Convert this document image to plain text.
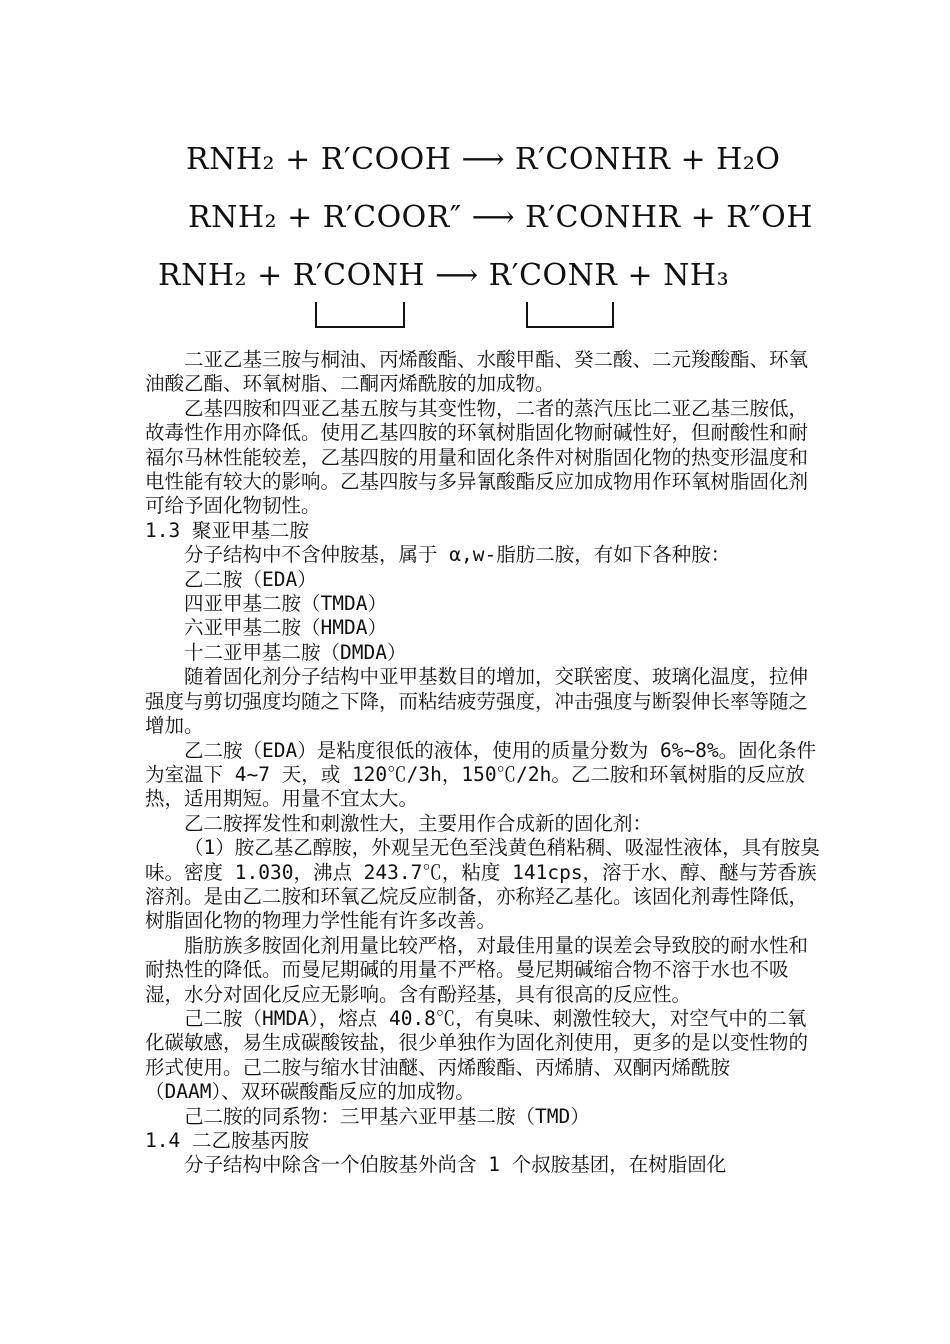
RNH₂ + R′COOH ⟶ R′CONHR + H₂O
RNH₂ + R′COOR″ ⟶ R′CONHR + R″OH
RNH₂ + R′CONH ⟶ R′CONR + NH₃

二亚乙基三胺与桐油、丙烯酸酯、水酸甲酯、癸二酸、二元羧酸酯、环氧油酸乙酯、环氧树脂、二酮丙烯酰胺的加成物。

乙基四胺和四亚乙基五胺与其变性物，二者的蒸汽压比二亚乙基三胺低，故毒性作用亦降低。使用乙基四胺的环氧树脂固化物耐碱性好，但耐酸性和耐福尔马林性能较差，乙基四胺的用量和固化条件对树脂固化物的热变形温度和电性能有较大的影响。乙基四胺与多异氰酸酯反应加成物用作环氧树脂固化剂可给予固化物韧性。

1.3 聚亚甲基二胺

分子结构中不含仲胺基，属于 α,w-脂肪二胺，有如下各种胺：

乙二胺（EDA）

四亚甲基二胺（TMDA）

六亚甲基二胺（HMDA）

十二亚甲基二胺（DMDA）

随着固化剂分子结构中亚甲基数目的增加，交联密度、玻璃化温度，拉伸强度与剪切强度均随之下降，而粘结疲劳强度，冲击强度与断裂伸长率等随之增加。

乙二胺（EDA）是粘度很低的液体，使用的质量分数为 6%~8%。固化条件为室温下 4~7 天，或 120℃/3h，150℃/2h。乙二胺和环氧树脂的反应放热，适用期短。用量不宜太大。

乙二胺挥发性和刺激性大，主要用作合成新的固化剂：

（1）胺乙基乙醇胺，外观呈无色至浅黄色稍粘稠、吸湿性液体，具有胺臭味。密度 1.030，沸点 243.7℃，粘度 141cps，溶于水、醇、醚与芳香族溶剂。是由乙二胺和环氧乙烷反应制备，亦称羟乙基化。该固化剂毒性降低，树脂固化物的物理力学性能有许多改善。

脂肪族多胺固化剂用量比较严格，对最佳用量的误差会导致胶的耐水性和耐热性的降低。而曼尼期碱的用量不严格。曼尼期碱缩合物不溶于水也不吸湿，水分对固化反应无影响。含有酚羟基，具有很高的反应性。

己二胺（HMDA），熔点 40.8℃，有臭味、刺激性较大，对空气中的二氧化碳敏感，易生成碳酸铵盐，很少单独作为固化剂使用，更多的是以变性物的形式使用。己二胺与缩水甘油醚、丙烯酸酯、丙烯腈、双酮丙烯酰胺（DAAM）、双环碳酸酯反应的加成物。

己二胺的同系物：三甲基六亚甲基二胺（TMD）

1.4 二乙胺基丙胺

分子结构中除含一个伯胺基外尚含 1 个叔胺基团，在树脂固化
